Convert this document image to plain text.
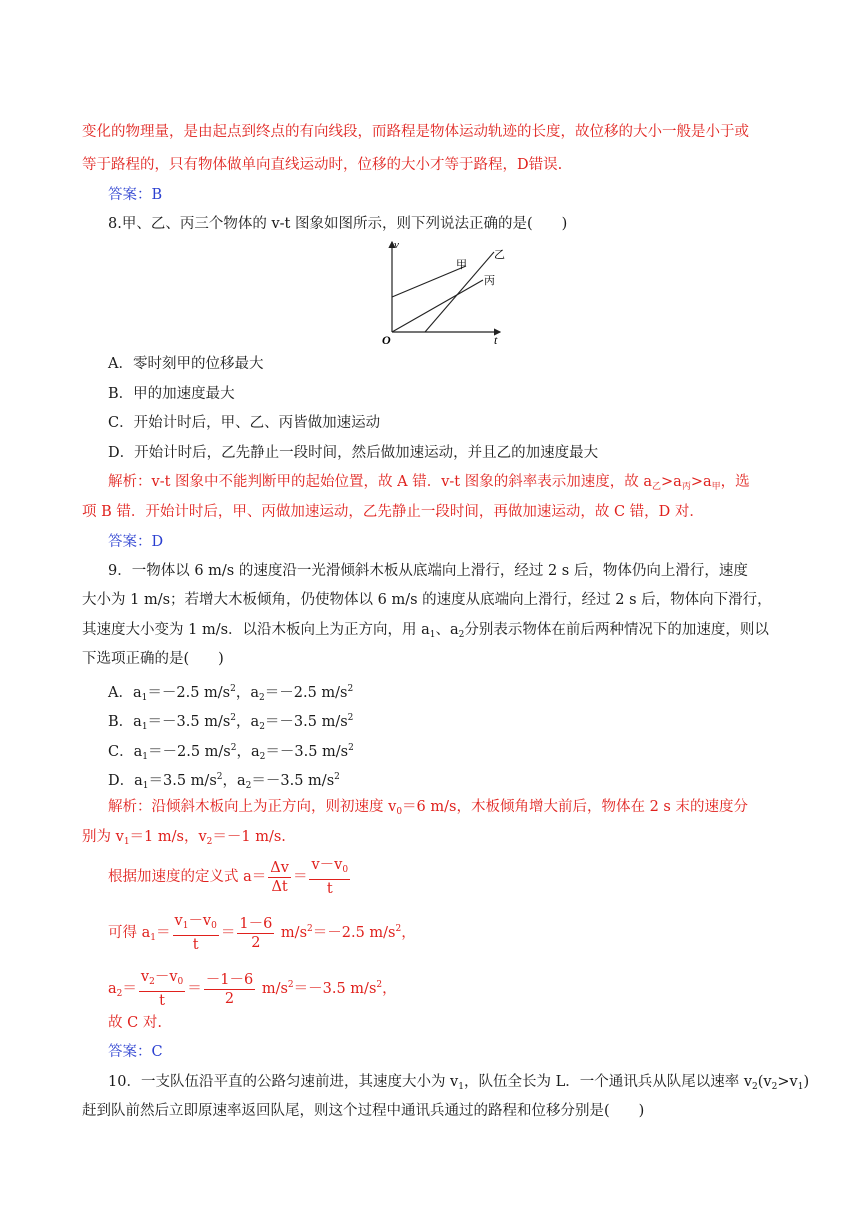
变化的物理量，是由起点到终点的有向线段，而路程是物体运动轨迹的长度，故位移的大小一般是小于或
等于路程的，只有物体做单向直线运动时，位移的大小才等于路程，D错误.
答案：B
8.甲、乙、丙三个物体的 v-t 图象如图所示，则下列说法正确的是(　　)
v
t
O
甲
乙
丙
A．零时刻甲的位移最大
B．甲的加速度最大
C．开始计时后，甲、乙、丙皆做加速运动
D．开始计时后，乙先静止一段时间，然后做加速运动，并且乙的加速度最大
解析：v-t 图象中不能判断甲的起始位置，故 A 错．v-t 图象的斜率表示加速度，故 $a_乙>a_丙>a_甲$，选
项 B 错．开始计时后，甲、丙做加速运动，乙先静止一段时间，再做加速运动，故 C 错，D 对．
答案：D
9．一物体以 6 m/s 的速度沿一光滑倾斜木板从底端向上滑行，经过 2 s 后，物体仍向上滑行，速度
大小为 1 m/s；若增大木板倾角，仍使物体以 6 m/s 的速度从底端向上滑行，经过 2 s 后，物体向下滑行，
其速度大小变为 1 m/s．以沿木板向上为正方向，用 $a_1$、$a_2$分别表示物体在前后两种情况下的加速度，则以
下选项正确的是(　　)
A．$a_1=-2.5$ $m/s^2$，$a_2=-2.5$ $m/s^2$
B．$a_1=-3.5$ $m/s^2$，$a_2=-3.5$ $m/s^2$
C．$a_1=-2.5$ $m/s^2$，$a_2=-3.5$ $m/s^2$
D．$a_1=3.5$ $m/s^2$，$a_2=-3.5$ $m/s^2$
解析：沿倾斜木板向上为正方向，则初速度 $v_0=6$ m/s，木板倾角增大前后，物体在 2 s 末的速度分
别为 $v_1=1$ m/s，$v_2=-1$ m/s.
根据加速度的定义式 $a= \frac{\Delta v}{\Delta t} = \frac{v-v_0}{t}$
可得 $a_1= \frac{v_1-v_0}{t} = \frac{1-6}{2} m/s^2=-2.5$ $m/s^2$，
$a_2= \frac{v_2-v_0}{t} = \frac{-1-6}{2} m/s^2=-3.5$ $m/s^2$，
故 C 对.
答案：C
10．一支队伍沿平直的公路匀速前进，其速度大小为 $v_1$，队伍全长为 L．一个通讯兵从队尾以速率 $v_2(v_2>v_1)$
赶到队前然后立即原速率返回队尾，则这个过程中通讯兵通过的路程和位移分别是(　　)
